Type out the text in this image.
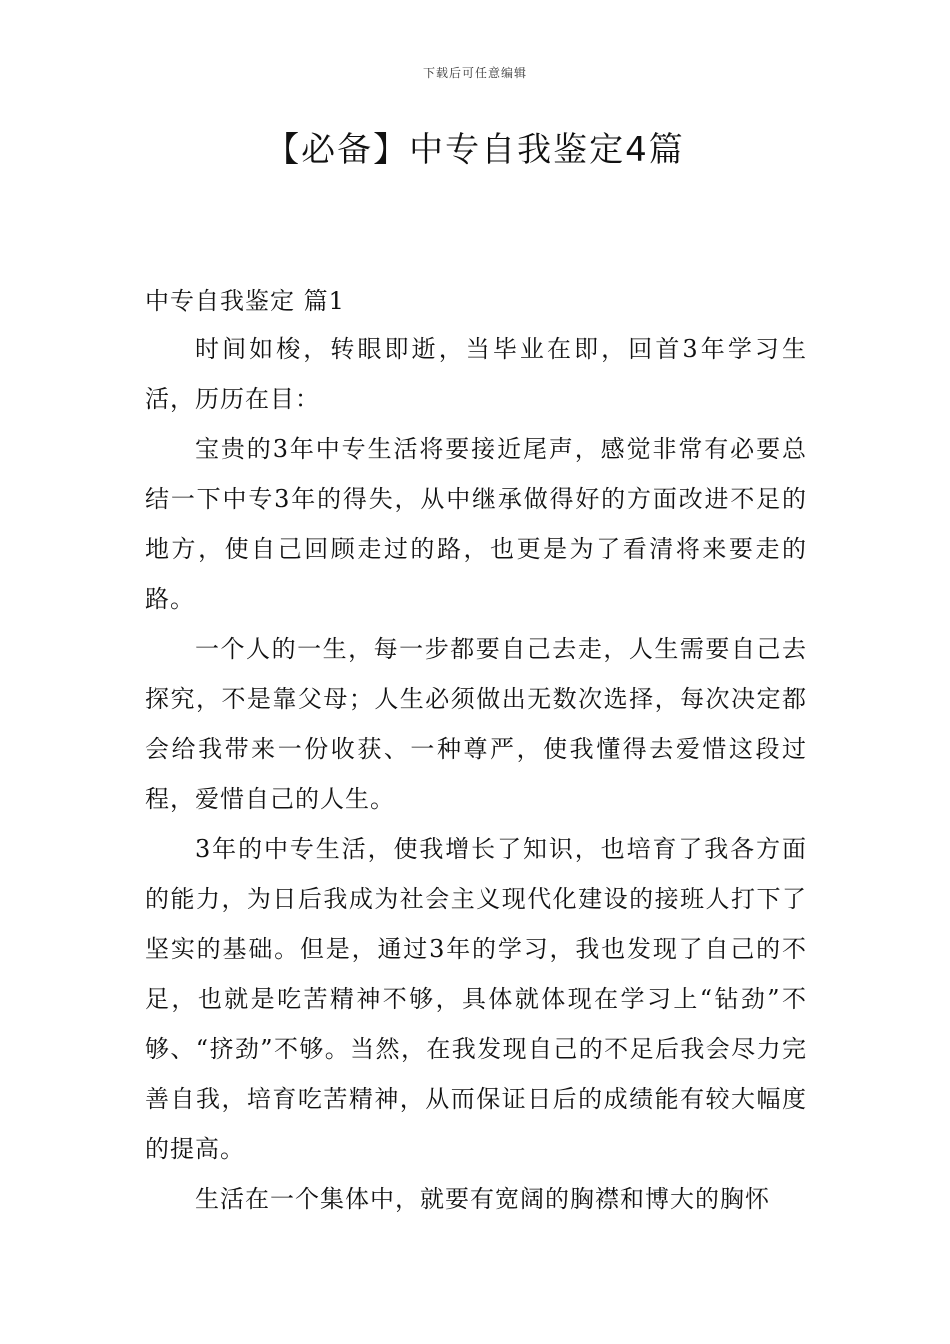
下载后可任意编辑
【必备】中专自我鉴定4篇
中专自我鉴定 篇1

时间如梭，转眼即逝，当毕业在即，回首3年学习生活，历历在目：

宝贵的3年中专生活将要接近尾声，感觉非常有必要总结一下中专3年的得失，从中继承做得好的方面改进不足的地方，使自己回顾走过的路，也更是为了看清将来要走的路。

一个人的一生，每一步都要自己去走，人生需要自己去探究，不是靠父母；人生必须做出无数次选择，每次决定都会给我带来一份收获、一种尊严，使我懂得去爱惜这段过程，爱惜自己的人生。

3年的中专生活，使我增长了知识，也培育了我各方面的能力，为日后我成为社会主义现代化建设的接班人打下了坚实的基础。但是，通过3年的学习，我也发现了自己的不足，也就是吃苦精神不够，具体就体现在学习上“钻劲”不够、“挤劲”不够。当然，在我发现自己的不足后我会尽力完善自我，培育吃苦精神，从而保证日后的成绩能有较大幅度的提高。

生活在一个集体中，就要有宽阔的胸襟和博大的胸怀
